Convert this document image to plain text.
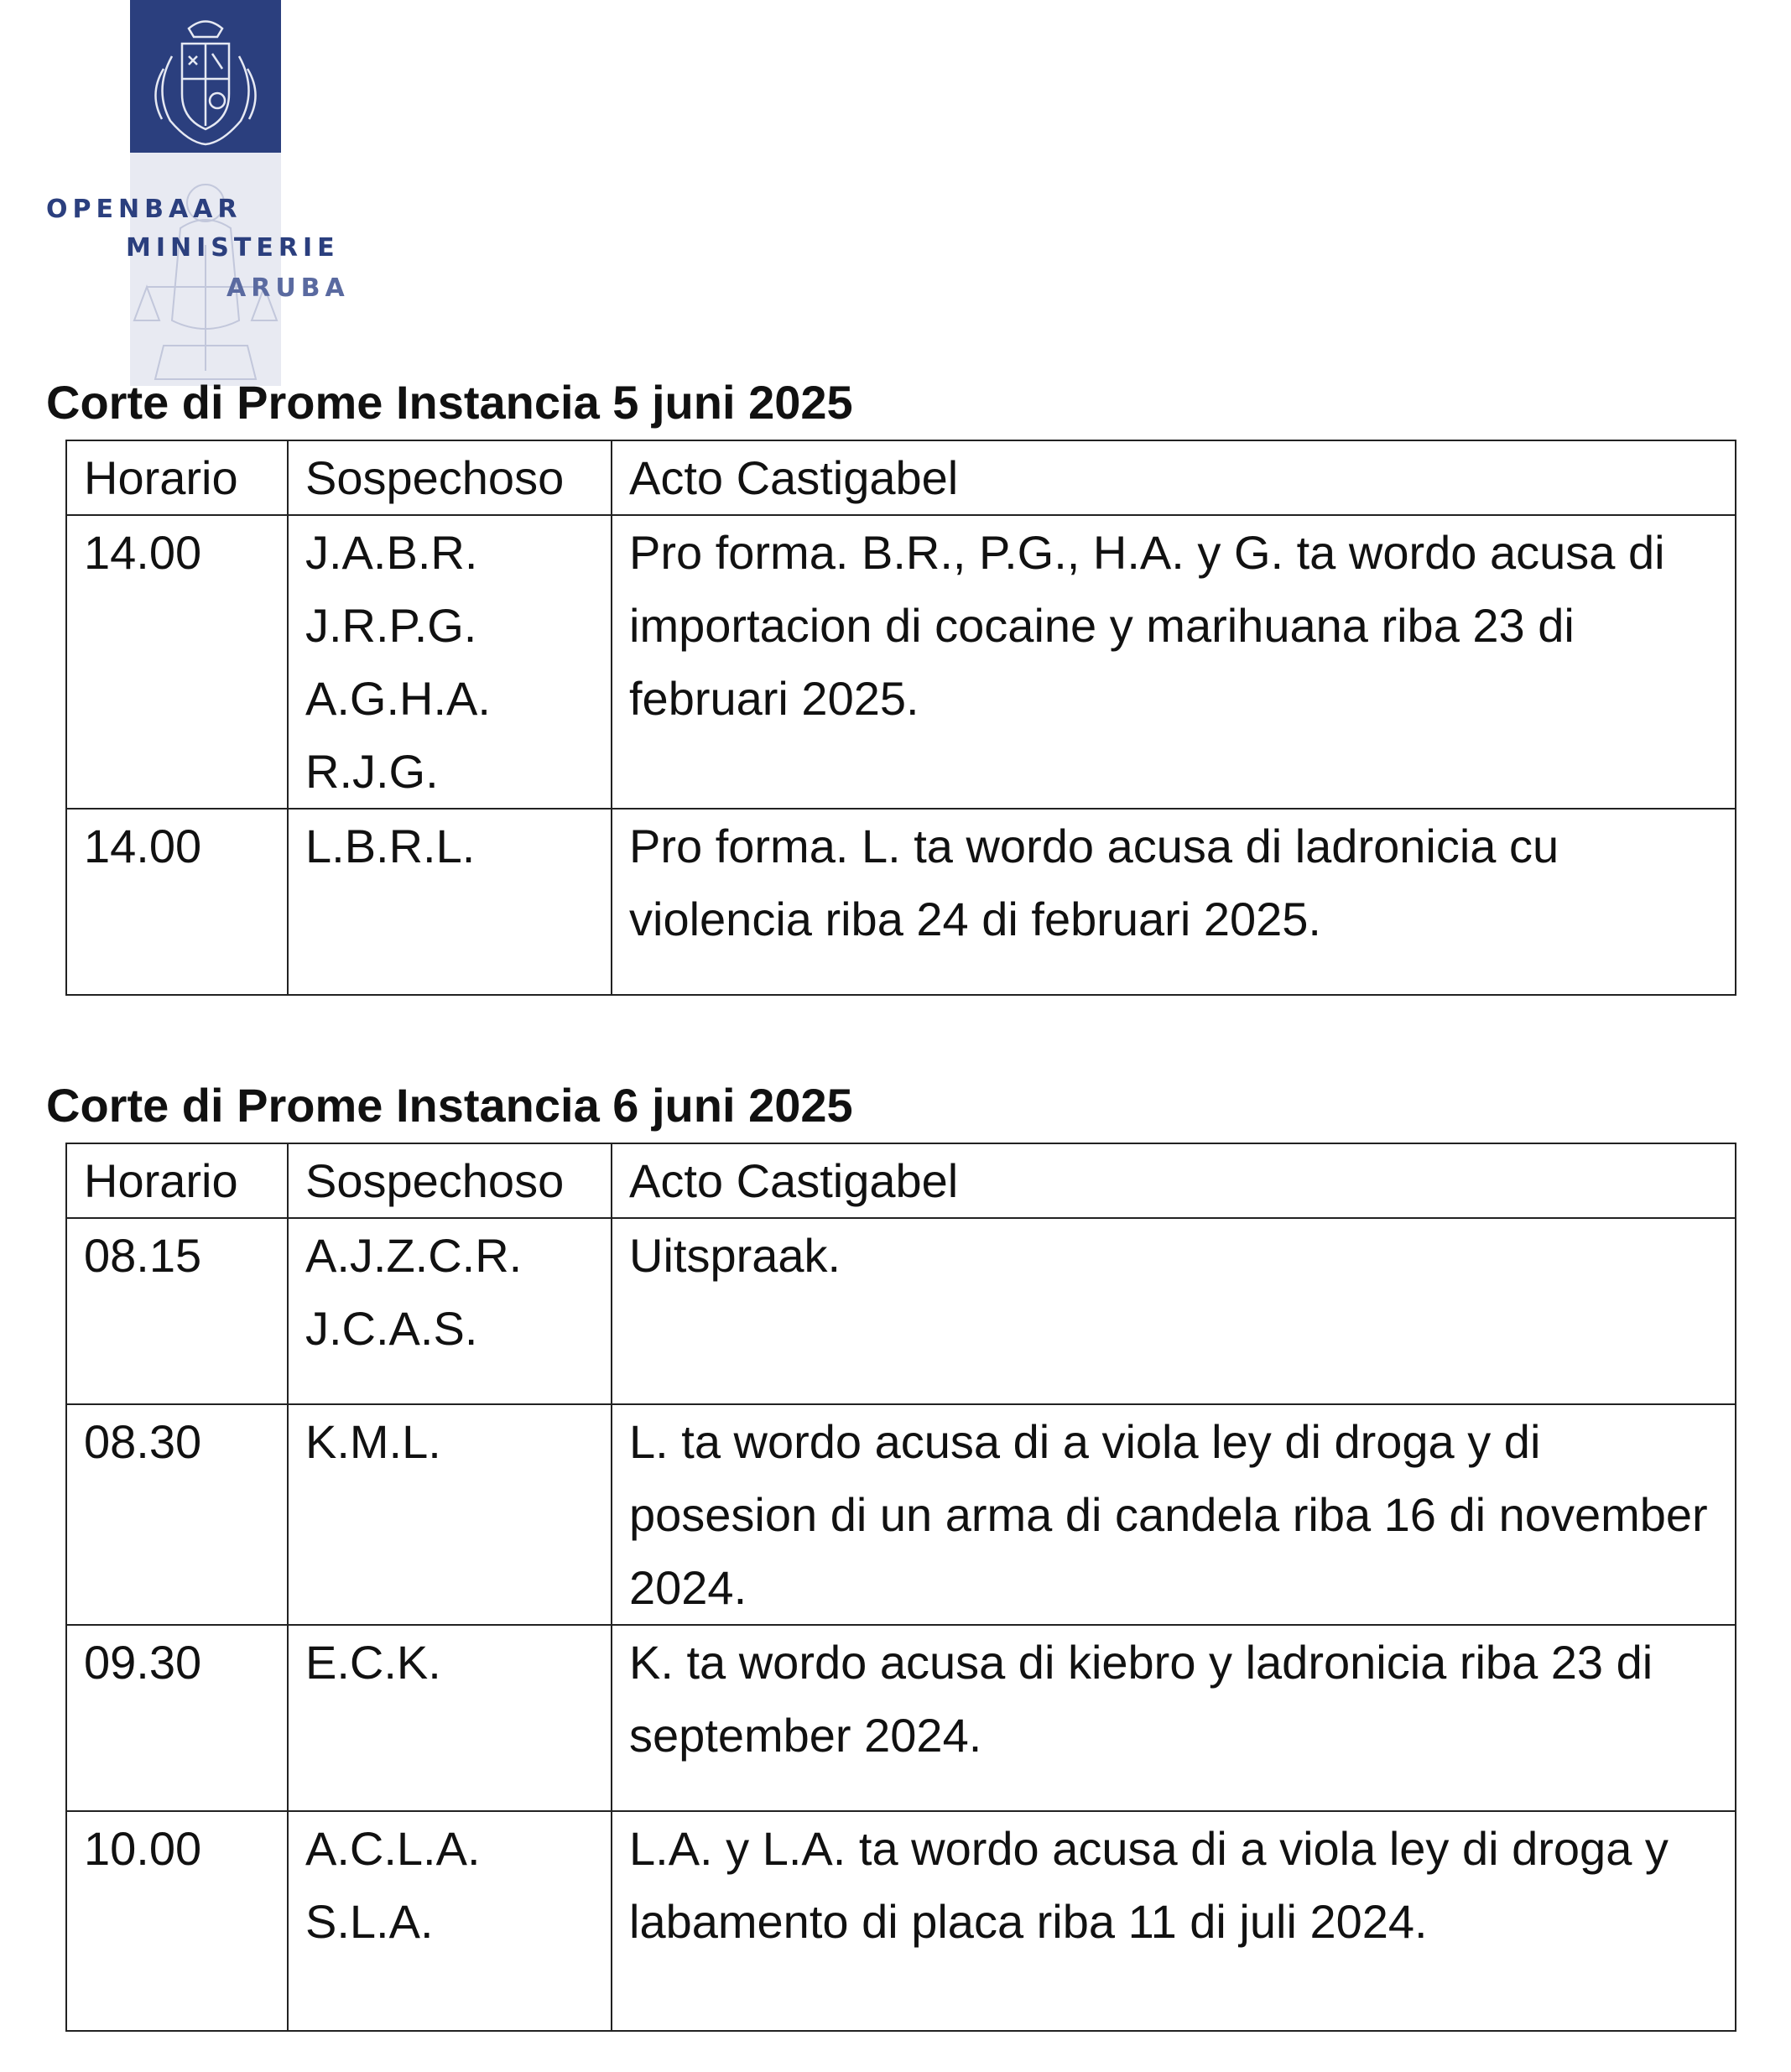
OPENBAAR
MINISTERIE
ARUBA
Corte di Prome Instancia 5 juni 2025
Horario	Sospechoso	Acto Castigabel
14.00	J.A.B.R.
J.R.P.G.
A.G.H.A.
R.J.G.	Pro forma. B.R., P.G., H.A. y G. ta wordo acusa di importacion di cocaine y marihuana riba 23 di februari 2025.
14.00	L.B.R.L.	Pro forma. L. ta wordo acusa di ladronicia cu violencia riba 24 di februari 2025.
Corte di Prome Instancia 6 juni 2025
Horario	Sospechoso	Acto Castigabel
08.15	A.J.Z.C.R.
J.C.A.S.	Uitspraak.
08.30	K.M.L.	L. ta wordo acusa di a viola ley di droga y di posesion di un arma di candela riba 16 di november 2024.
09.30	E.C.K.	K. ta wordo acusa di kiebro y ladronicia riba 23 di september 2024.
10.00	A.C.L.A.
S.L.A.	L.A. y L.A. ta wordo acusa di a viola ley di droga y labamento di placa riba 11 di juli 2024.
